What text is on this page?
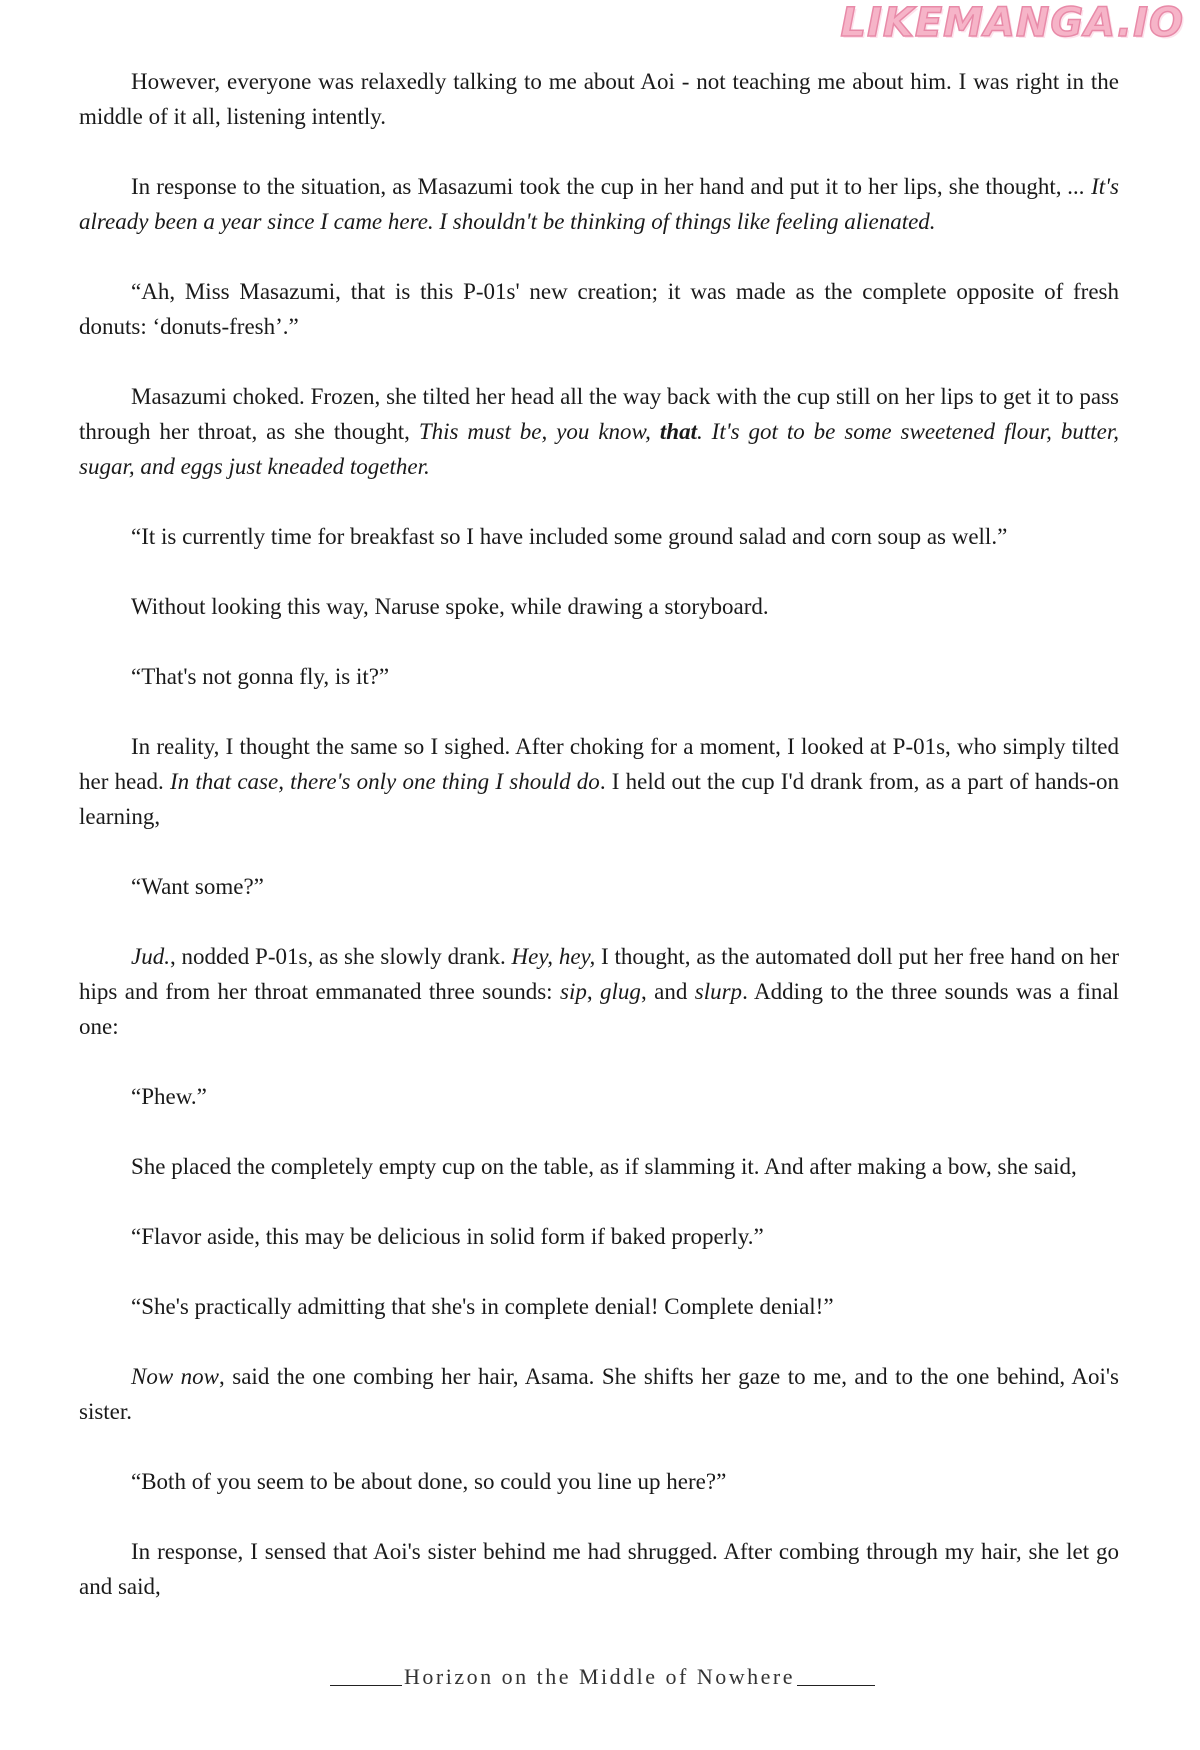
LIKEMANGA.IO

However, everyone was relaxedly talking to me about Aoi - not teaching me about him. I was right in the middle of it all, listening intently.

In response to the situation, as Masazumi took the cup in her hand and put it to her lips, she thought, ... It's already been a year since I came here. I shouldn't be thinking of things like feeling alienated.

“Ah, Miss Masazumi, that is this P-01s' new creation; it was made as the complete opposite of fresh donuts: ‘donuts-fresh’.”

Masazumi choked. Frozen, she tilted her head all the way back with the cup still on her lips to get it to pass through her throat, as she thought, This must be, you know, that. It's got to be some sweetened flour, butter, sugar, and eggs just kneaded together.

“It is currently time for breakfast so I have included some ground salad and corn soup as well.”

Without looking this way, Naruse spoke, while drawing a storyboard.

“That's not gonna fly, is it?”

In reality, I thought the same so I sighed. After choking for a moment, I looked at P-01s, who simply tilted her head. In that case, there's only one thing I should do. I held out the cup I'd drank from, as a part of hands-on learning,

“Want some?”

Jud., nodded P-01s, as she slowly drank. Hey, hey, I thought, as the automated doll put her free hand on her hips and from her throat emmanated three sounds: sip, glug, and slurp. Adding to the three sounds was a final one:

“Phew.”

She placed the completely empty cup on the table, as if slamming it. And after making a bow, she said,

“Flavor aside, this may be delicious in solid form if baked properly.”

“She's practically admitting that she's in complete denial! Complete denial!”

Now now, said the one combing her hair, Asama. She shifts her gaze to me, and to the one behind, Aoi's sister.

“Both of you seem to be about done, so could you line up here?”

In response, I sensed that Aoi's sister behind me had shrugged. After combing through my hair, she let go and said,

Horizon on the Middle of Nowhere
